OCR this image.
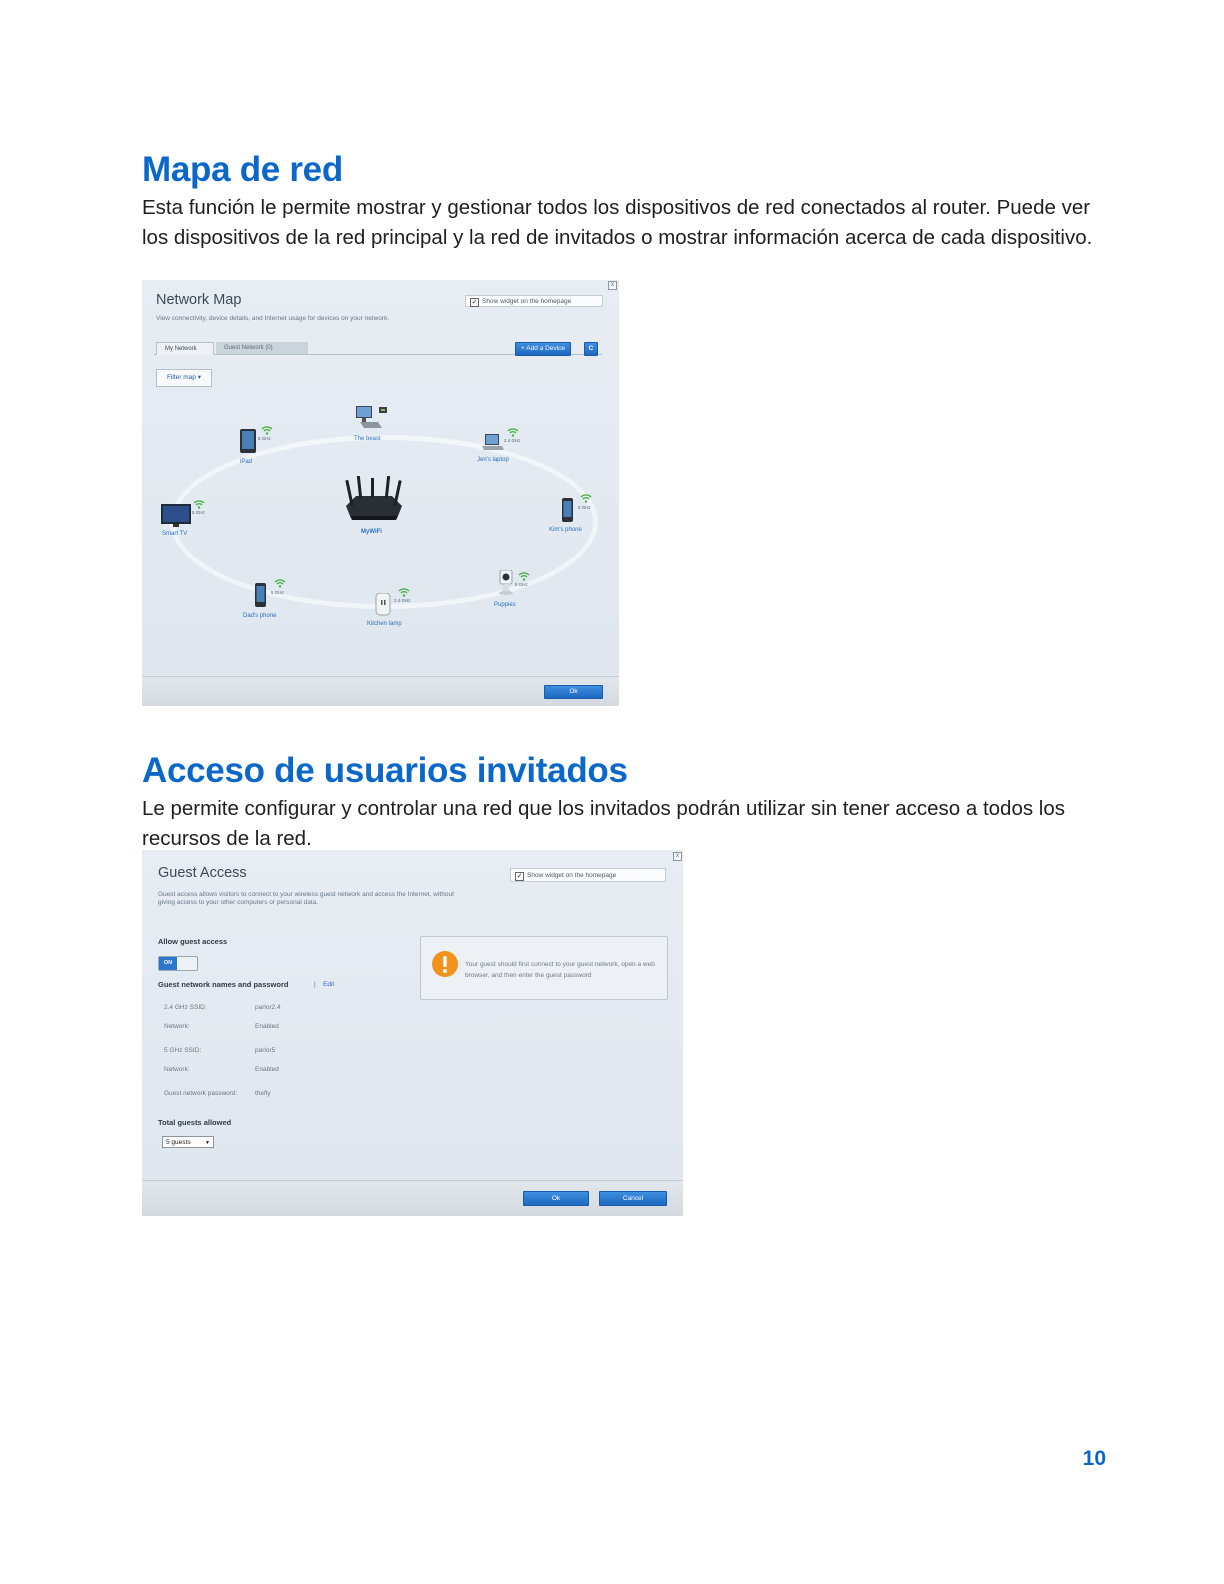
Mapa de red

Esta función le permite mostrar y gestionar todos los dispositivos de red conectados al router. Puede ver los dispositivos de la red principal y la red de invitados o mostrar información acerca de cada dispositivo.

Network Map
View connectivity, device details, and Internet usage for devices on your network.
x
✓ Show widget on the homepage
My Network	Guest Network (0)	+ Add a Device	C
Filter map ▾
MyWiFi
5 GHz
iPad
The beast	2.4 GHz
Jen's laptop
5 GHz
Smart TV
5 GHz
Kim's phone
5 GHz
Dad's phone
2.4 GHz
Kitchen lamp
5 GHz
Puppies
Ok
Acceso de usuarios invitados

Le permite configurar y controlar una red que los invitados podrán utilizar sin tener acceso a todos los recursos de la red.

Guest Access
Guest access allows visitors to connect to your wireless guest network and access the Internet, without
giving access to your other computers or personal data.
x
✓ Show widget on the homepage
Allow guest access
ON
Guest network names and password	| Edit
2.4 GHz SSID:	parlor2.4
Network:	Enabled
5 GHz SSID:	parlor5
Network:	Enabled
Guest network password:	thefly
Total guests allowed
5 guests	▼
Your guest should first connect to your guest network, open a web browser, and then enter the guest password
Ok	Cancel
10
